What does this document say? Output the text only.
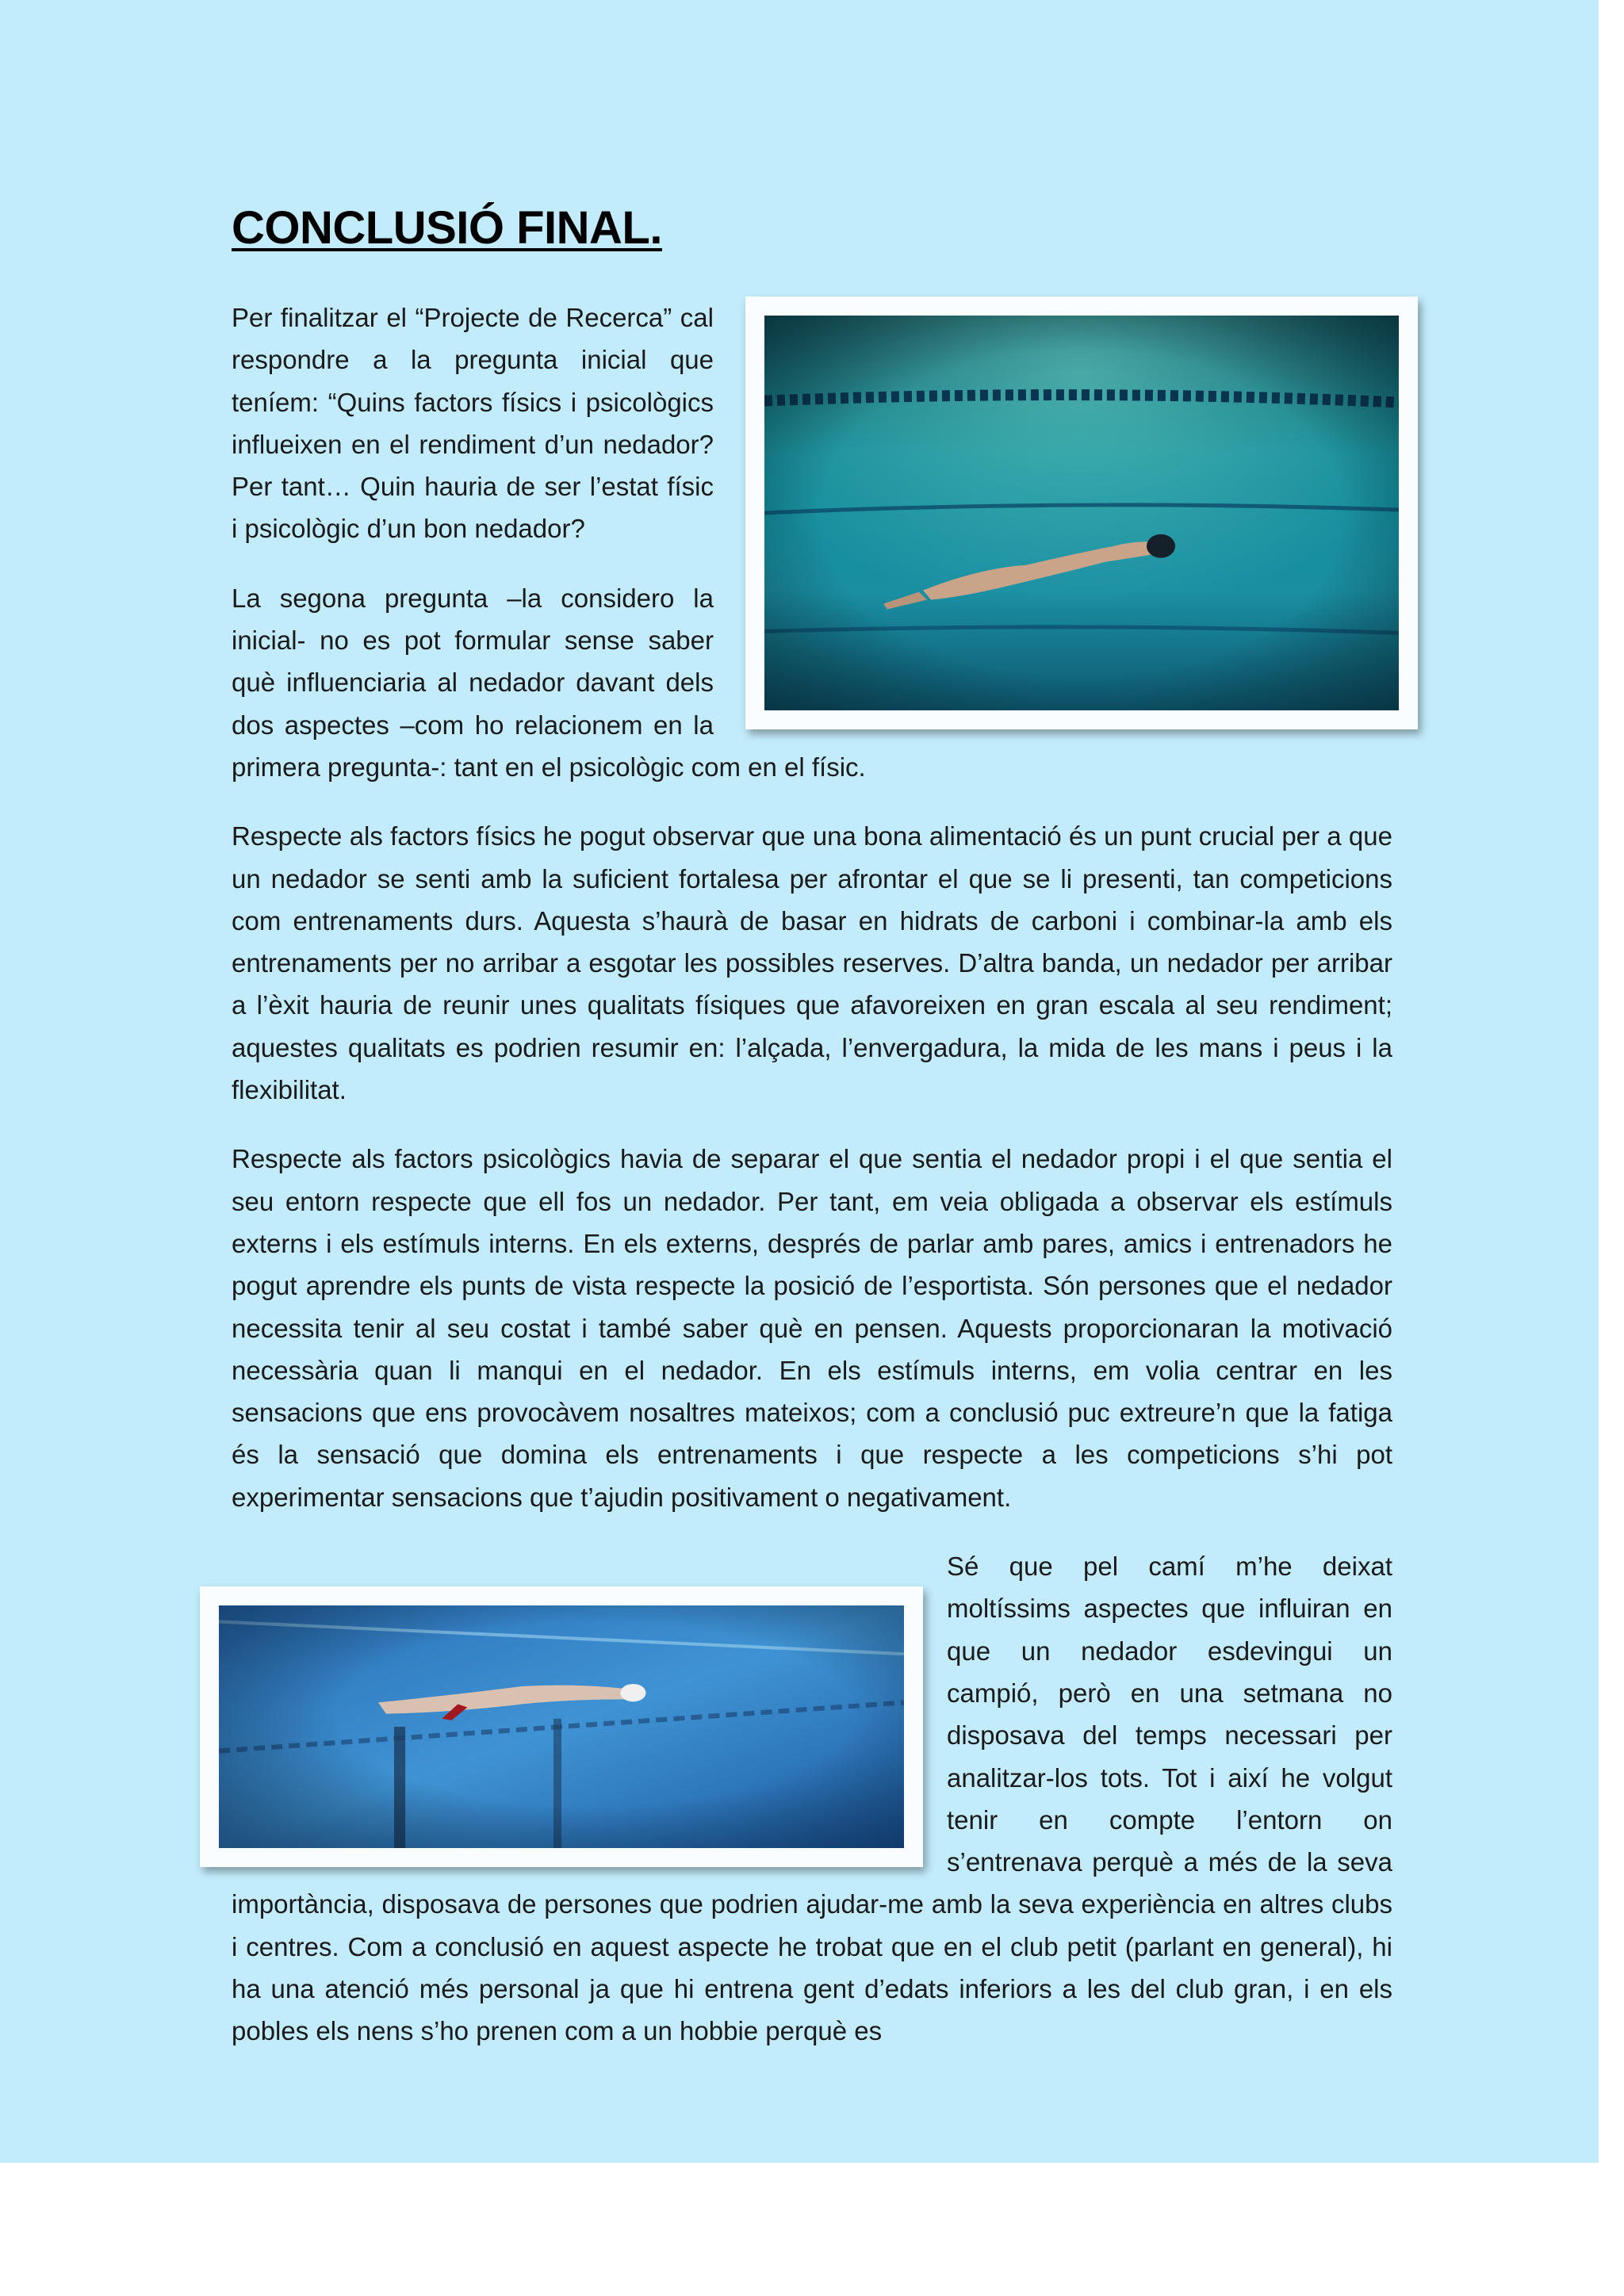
CONCLUSIÓ FINAL.

Per finalitzar el “Projecte de Recerca” cal respondre a la pregunta inicial que teníem: “Quins factors físics i psicològics influeixen en el rendiment d’un nedador? Per tant… Quin hauria de ser l’estat físic i psicològic d’un bon nedador?

La segona pregunta –la considero la inicial- no es pot formular sense saber què influenciaria al nedador davant dels dos aspectes –com ho relacionem en la primera pregunta-: tant en el psicològic com en el físic.

Respecte als factors físics he pogut observar que una bona alimentació és un punt crucial per a que un nedador se senti amb la suficient fortalesa per afrontar el que se li presenti, tan competicions com entrenaments durs. Aquesta s’haurà de basar en hidrats de carboni i combinar-la amb els entrenaments per no arribar a esgotar les possibles reserves. D’altra banda, un nedador per arribar a l’èxit hauria de reunir unes qualitats físiques que afavoreixen en gran escala al seu rendiment; aquestes qualitats es podrien resumir en: l’alçada, l’envergadura, la mida de les mans i peus i la flexibilitat.

Respecte als factors psicològics havia de separar el que sentia el nedador propi i el que sentia el seu entorn respecte que ell fos un nedador. Per tant, em veia obligada a observar els estímuls externs i els estímuls interns. En els externs, després de parlar amb pares, amics i entrenadors he pogut aprendre els punts de vista respecte la posició de l’esportista. Són persones que el nedador necessita tenir al seu costat i també saber què en pensen. Aquests proporcionaran la motivació necessària quan li manqui en el nedador. En els estímuls interns, em volia centrar en les sensacions que ens provocàvem nosaltres mateixos; com a conclusió puc extreure’n que la fatiga és la sensació que domina els entrenaments i que respecte a les competicions s’hi pot experimentar sensacions que t’ajudin positivament o negativament.

Sé que pel camí m’he deixat moltíssims aspectes que influiran en que un nedador esdevingui un campió, però en una setmana no disposava del temps necessari per analitzar-los tots. Tot i així he volgut tenir en compte l’entorn on s’entrenava perquè a més de la seva importància, disposava de persones que podrien ajudar-me amb la seva experiència en altres clubs i centres. Com a conclusió en aquest aspecte he trobat que en el club petit (parlant en general), hi ha una atenció més personal ja que hi entrena gent d’edats inferiors a les del club gran, i en els pobles els nens s’ho prenen com a un hobbie perquè es
